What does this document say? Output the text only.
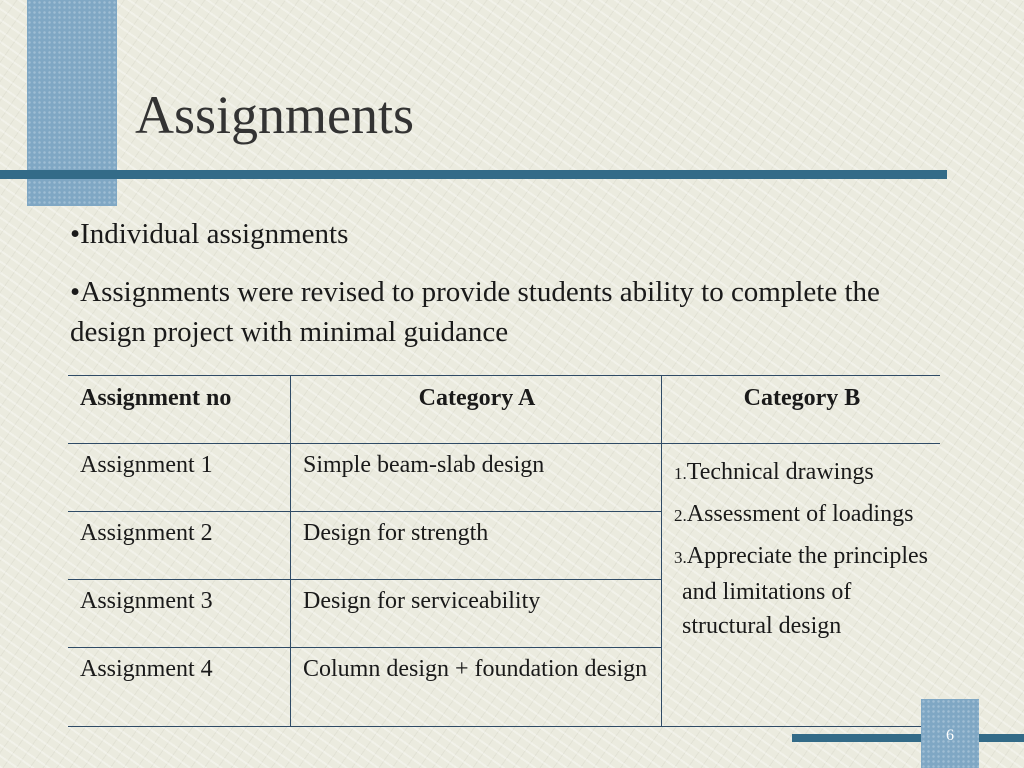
Assignments

•Individual assignments

•Assignments were revised to provide students ability to complete the design project with minimal guidance

Assignment no	Category A	Category B
Assignment 1	Simple beam-slab design	1.Technical drawings

2.Assessment of loadings

3.Appreciate the principles and limitations of structural design

Assignment 2	Design for strength	
Assignment 3	Design for serviceability	
Assignment 4	Column design + foundation design	
6
